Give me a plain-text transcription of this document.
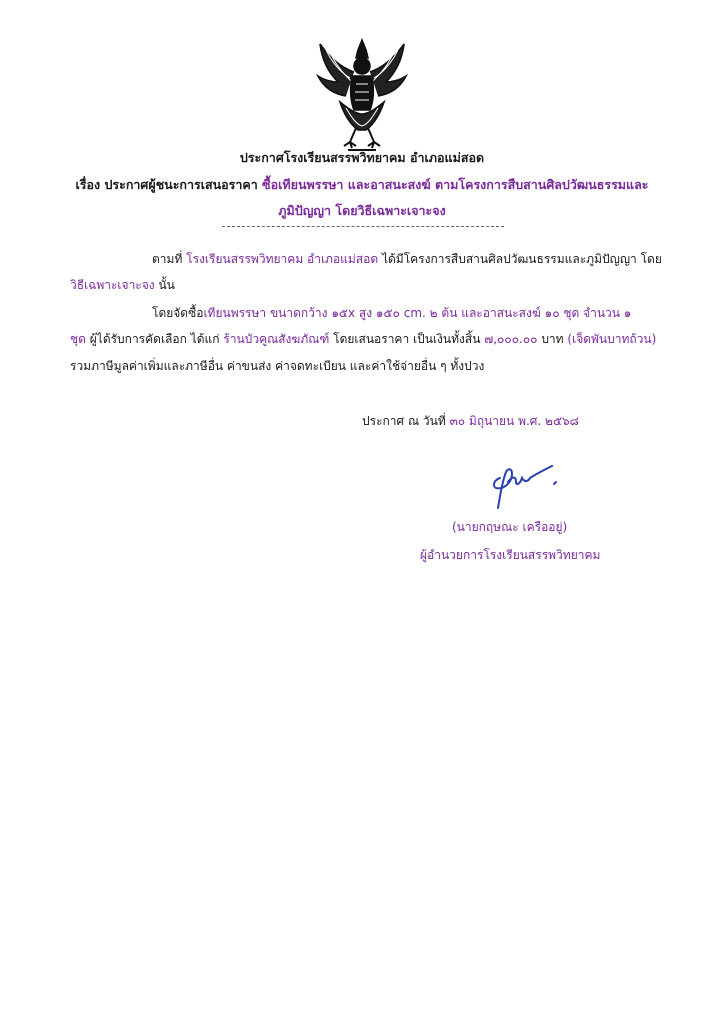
ประกาศโรงเรียนสรรพวิทยาคม อำเภอแม่สอด
เรื่อง ประกาศผู้ชนะการเสนอราคา ซื้อเทียนพรรษา และอาสนะสงฆ์ ตามโครงการสืบสานศิลปวัฒนธรรมและ
ภูมิปัญญา โดยวิธีเฉพาะเจาะจง
ตามที่ โรงเรียนสรรพวิทยาคม อำเภอแม่สอด ได้มีโครงการสืบสานศิลปวัฒนธรรมและภูมิปัญญา โดย
วิธีเฉพาะเจาะจง นั้น
โดยจัดซื้อเทียนพรรษา ขนาดกว้าง ๑๕x สูง ๑๕๐ cm. ๒ ต้น และอาสนะสงฆ์ ๑๐ ชุด จำนวน ๑
ชุด ผู้ได้รับการคัดเลือก ได้แก่ ร้านบัวคูณสังฆภัณฑ์ โดยเสนอราคา เป็นเงินทั้งสิ้น ๗,๐๐๐.๐๐ บาท (เจ็ดพันบาทถ้วน)
รวมภาษีมูลค่าเพิ่มและภาษีอื่น ค่าขนส่ง ค่าจดทะเบียน และค่าใช้จ่ายอื่น ๆ ทั้งปวง
ประกาศ ณ วันที่ ๓๐ มิถุนายน พ.ศ. ๒๕๖๘
(นายกฤษณะ เครืออยู่)
ผู้อำนวยการโรงเรียนสรรพวิทยาคม
